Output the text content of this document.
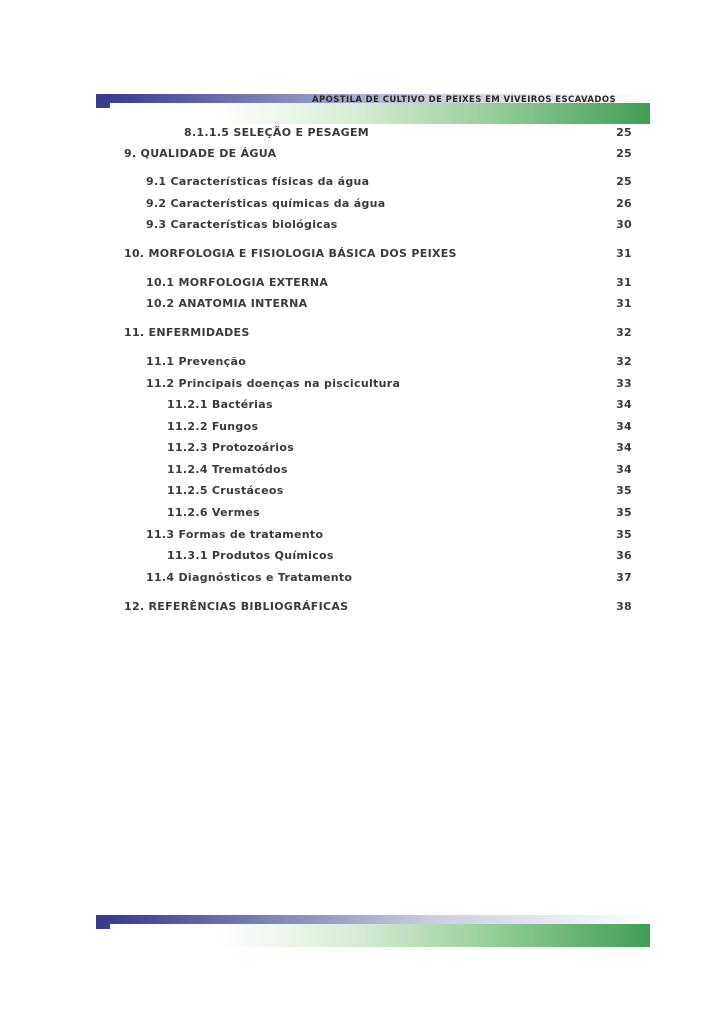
APOSTILA DE CULTIVO DE PEIXES EM VIVEIROS ESCAVADOS
8.1.1.5 SELEÇÃO E PESAGEM	25
9. QUALIDADE DE ÁGUA	25
9.1 Características físicas da água	25
9.2 Características químicas da água	26
9.3 Características biológicas	30
10. MORFOLOGIA E FISIOLOGIA BÁSICA DOS PEIXES	31
10.1 MORFOLOGIA EXTERNA	31
10.2 ANATOMIA INTERNA	31
11. ENFERMIDADES	32
11.1 Prevenção	32
11.2 Principais doenças na piscicultura	33
11.2.1 Bactérias	34
11.2.2 Fungos	34
11.2.3 Protozoários	34
11.2.4 Trematódos	34
11.2.5 Crustáceos	35
11.2.6 Vermes	35
11.3 Formas de tratamento	35
11.3.1 Produtos Químicos	36
11.4 Diagnósticos e Tratamento	37
12. REFERÊNCIAS BIBLIOGRÁFICAS	38
